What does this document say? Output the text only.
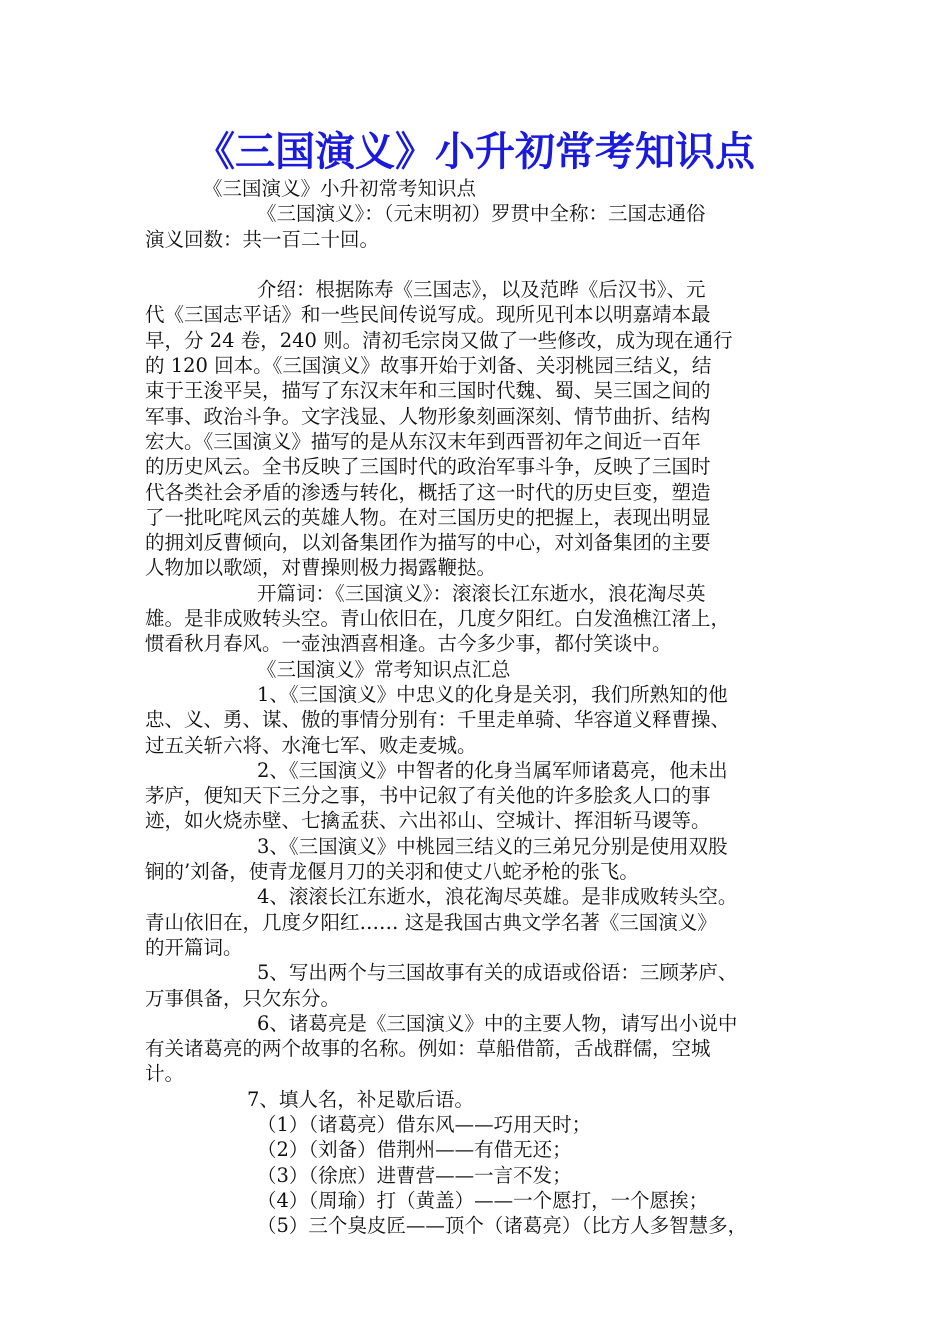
《三国演义》小升初常考知识点

《三国演义》小升初常考知识点

《三国演义》：（元末明初）罗贯中全称：三国志通俗

演义回数：共一百二十回。

介绍：根据陈寿《三国志》，以及范晔《后汉书》、元

代《三国志平话》和一些民间传说写成。现所见刊本以明嘉靖本最

早，分 24 卷，240 则。清初毛宗岗又做了一些修改，成为现在通行

的 120 回本。《三国演义》故事开始于刘备、关羽桃园三结义，结

束于王浚平吴，描写了东汉末年和三国时代魏、蜀、吴三国之间的

军事、政治斗争。文字浅显、人物形象刻画深刻、情节曲折、结构

宏大。《三国演义》描写的是从东汉末年到西晋初年之间近一百年

的历史风云。全书反映了三国时代的政治军事斗争，反映了三国时

代各类社会矛盾的渗透与转化，概括了这一时代的历史巨变，塑造

了一批叱咤风云的英雄人物。在对三国历史的把握上，表现出明显

的拥刘反曹倾向，以刘备集团作为描写的中心，对刘备集团的主要

人物加以歌颂，对曹操则极力揭露鞭挞。

开篇词：《三国演义》：滚滚长江东逝水，浪花淘尽英

雄。是非成败转头空。青山依旧在，几度夕阳红。白发渔樵江渚上，

惯看秋月春风。一壶浊酒喜相逢。古今多少事，都付笑谈中。

《三国演义》常考知识点汇总

1、《三国演义》中忠义的化身是关羽，我们所熟知的他

忠、义、勇、谋、傲的事情分别有：千里走单骑、华容道义释曹操、

过五关斩六将、水淹七军、败走麦城。

2、《三国演义》中智者的化身当属军师诸葛亮，他未出

茅庐，便知天下三分之事，书中记叙了有关他的许多脍炙人口的事

迹，如火烧赤壁、七擒孟获、六出祁山、空城计、挥泪斩马谡等。

3、《三国演义》中桃园三结义的三弟兄分别是使用双股

锏的’刘备，使青龙偃月刀的关羽和使丈八蛇矛枪的张飞。

4、滚滚长江东逝水，浪花淘尽英雄。是非成败转头空。

青山依旧在，几度夕阳红…… 这是我国古典文学名著《三国演义》

的开篇词。

5、写出两个与三国故事有关的成语或俗语：三顾茅庐、

万事俱备，只欠东分。

6、诸葛亮是《三国演义》中的主要人物，请写出小说中

有关诸葛亮的两个故事的名称。例如：草船借箭，舌战群儒，空城

计。

7、填人名，补足歇后语。

（1）（诸葛亮）借东风——巧用天时；

（2）（刘备）借荆州——有借无还；

（3）（徐庶）进曹营——一言不发；

（4）（周瑜）打（黄盖）——一个愿打，一个愿挨；

（5）三个臭皮匠——顶个（诸葛亮）（比方人多智慧多，
